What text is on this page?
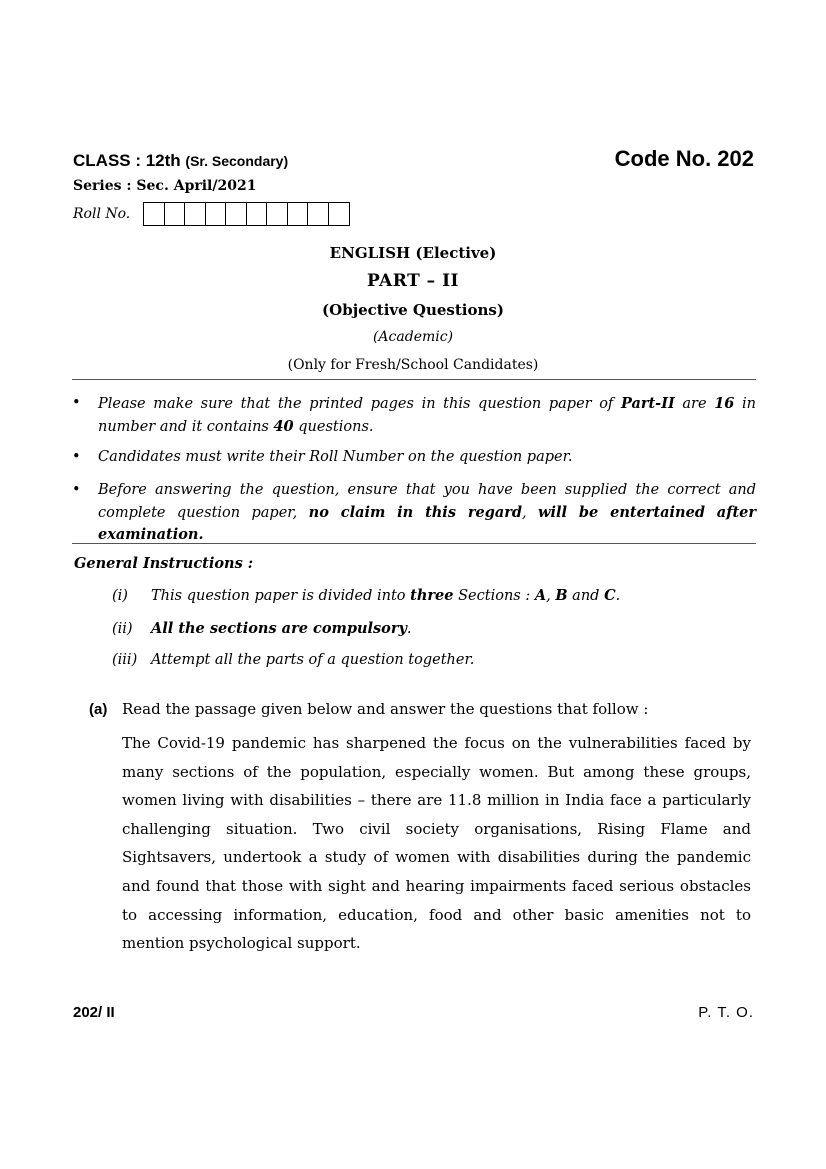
CLASS : 12th (Sr. Secondary)	Code No. 202
Series : Sec. April/2021
Roll No.
ENGLISH (Elective)
PART – II
(Objective Questions)
(Academic)
(Only for Fresh/School Candidates)
• Please make sure that the printed pages in this question paper of Part-II are 16 in number and it contains 40 questions.
• Candidates must write their Roll Number on the question paper.
• Before answering the question, ensure that you have been supplied the correct and complete question paper, no claim in this regard, will be entertained after examination.
General Instructions :
(i) This question paper is divided into three Sections : A, B and C.
(ii) All the sections are compulsory.
(iii) Attempt all the parts of a question together.
(a) Read the passage given below and answer the questions that follow :
The Covid-19 pandemic has sharpened the focus on the vulnerabilities faced by many sections of the population, especially women. But among these groups, women living with disabilities – there are 11.8 million in India face a particularly challenging situation. Two civil society organisations, Rising Flame and Sightsavers, undertook a study of women with disabilities during the pandemic and found that those with sight and hearing impairments faced serious obstacles to accessing information, education, food and other basic amenities not to mention psychological support.
202/ II	P. T. O.
